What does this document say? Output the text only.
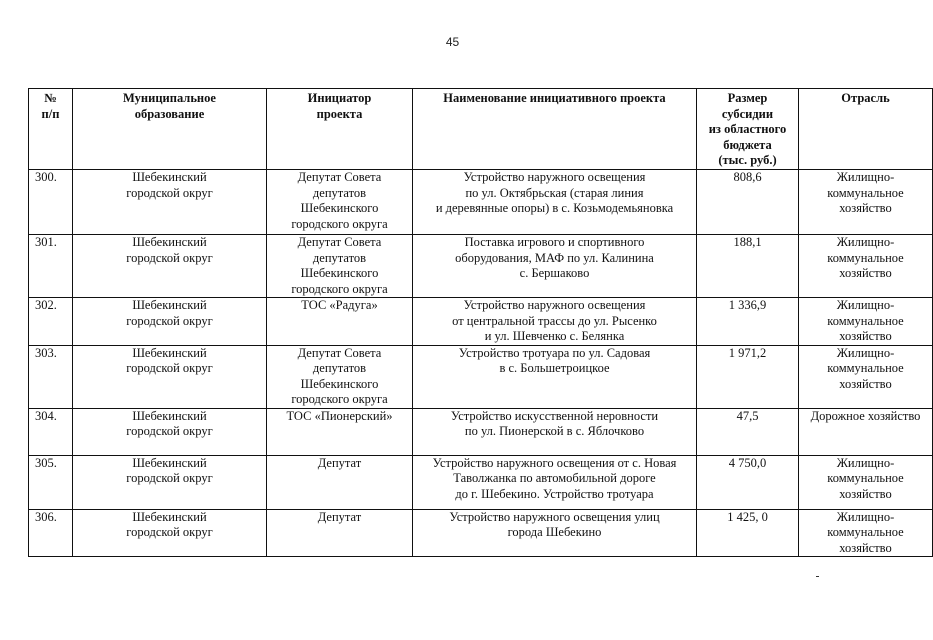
45
№
п/п	Муниципальное
образование	Инициатор
проекта	Наименование инициативного проекта	Размер
субсидии
из областного
бюджета
(тыс. руб.)	Отрасль

300.	Шебекинский
городской округ	Депутат Совета
депутатов
Шебекинского
городского округа	Устройство наружного освещения
по ул. Октябрьская (старая линия
и деревянные опоры) в с. Козьмодемьяновка	808,6	Жилищно-
коммунальное
хозяйство

301.	Шебекинский
городской округ	Депутат Совета
депутатов
Шебекинского
городского округа	Поставка игрового и спортивного
оборудования, МАФ по ул. Калинина
с. Бершаково	188,1	Жилищно-
коммунальное
хозяйство

302.	Шебекинский
городской округ	ТОС «Радуга»	Устройство наружного освещения
от центральной трассы до ул. Рысенко
и ул. Шевченко с. Белянка	1 336,9	Жилищно-
коммунальное
хозяйство

303.	Шебекинский
городской округ	Депутат Совета
депутатов
Шебекинского
городского округа	Устройство тротуара по ул. Садовая
в с. Большетроицкое	1 971,2	Жилищно-
коммунальное
хозяйство

304.	Шебекинский
городской округ	ТОС «Пионерский»	Устройство искусственной неровности
по ул. Пионерской в с. Яблочково	47,5	Дорожное хозяйство

305.	Шебекинский
городской округ	Депутат	Устройство наружного освещения от с. Новая
Таволжанка по автомобильной дороге
до г. Шебекино. Устройство тротуара	4 750,0	Жилищно-
коммунальное
хозяйство

306.	Шебекинский
городской округ	Депутат	Устройство наружного освещения улиц
города Шебекино	1 425, 0	Жилищно-
коммунальное
хозяйство
